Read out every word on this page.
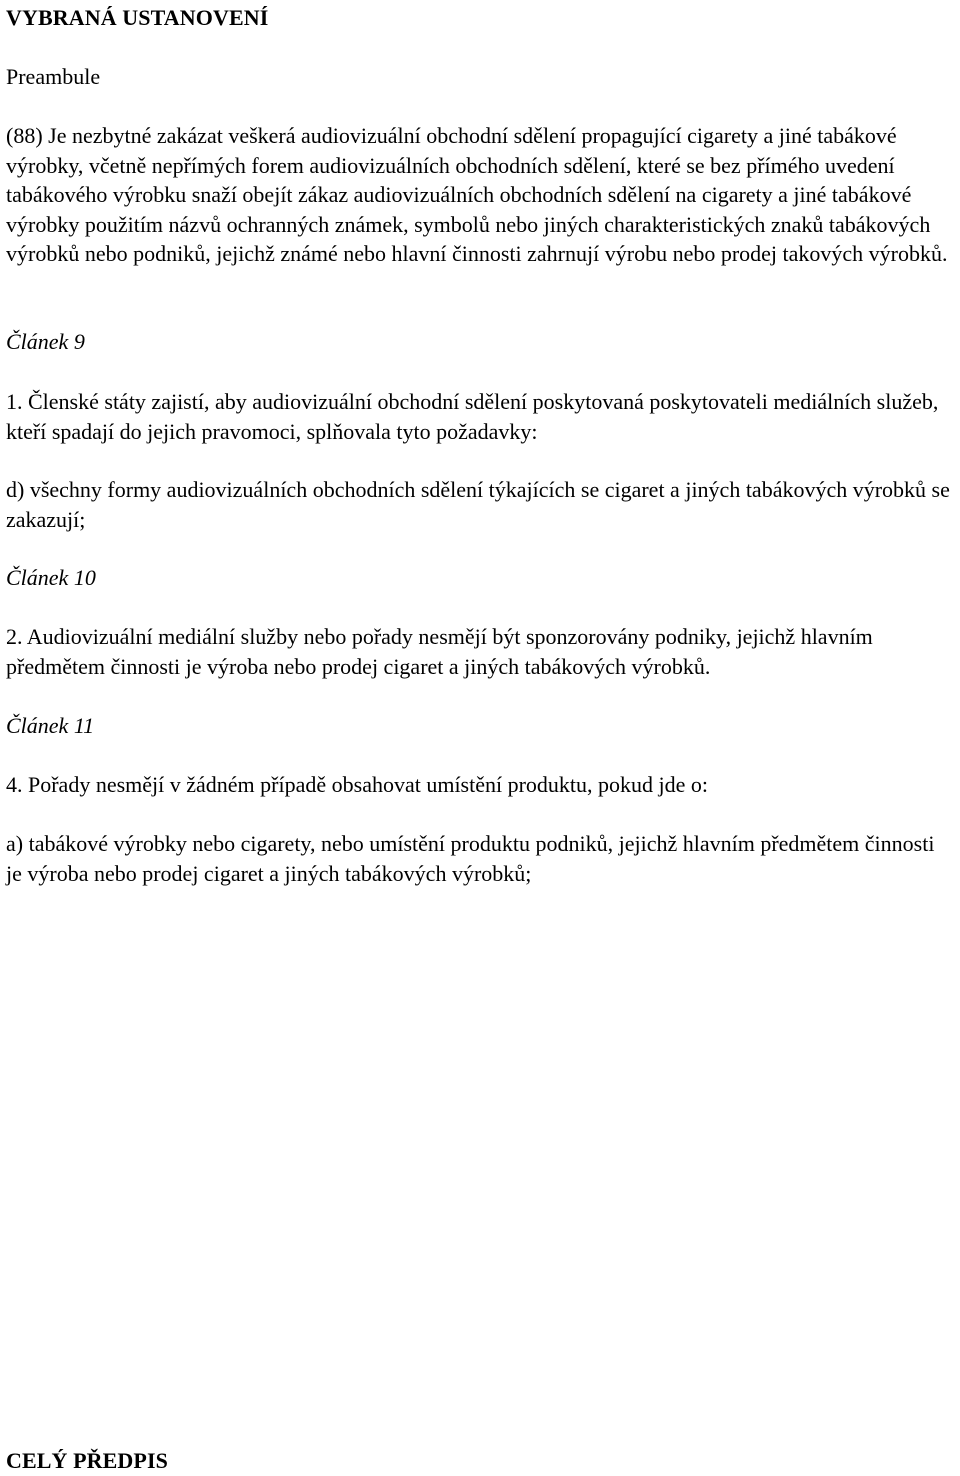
VYBRANÁ USTANOVENÍ

Preambule

(88) Je nezbytné zakázat veškerá audiovizuální obchodní sdělení propagující cigarety a jiné tabákové výrobky, včetně nepřímých forem audiovizuálních obchodních sdělení, které se bez přímého uvedení tabákového výrobku snaží obejít zákaz audiovizuálních obchodních sdělení na cigarety a jiné tabákové výrobky použitím názvů ochranných známek, symbolů nebo jiných charakteristických znaků tabákových výrobků nebo podniků, jejichž známé nebo hlavní činnosti zahrnují výrobu nebo prodej takových výrobků.

Článek 9

1. Členské státy zajistí, aby audiovizuální obchodní sdělení poskytovaná poskytovateli mediálních služeb, kteří spadají do jejich pravomoci, splňovala tyto požadavky:

d) všechny formy audiovizuálních obchodních sdělení týkajících se cigaret a jiných tabákových výrobků se zakazují;

Článek 10

2. Audiovizuální mediální služby nebo pořady nesmějí být sponzorovány podniky, jejichž hlavním předmětem činnosti je výroba nebo prodej cigaret a jiných tabákových výrobků.

Článek 11

4. Pořady nesmějí v žádném případě obsahovat umístění produktu, pokud jde o:

a) tabákové výrobky nebo cigarety, nebo umístění produktu podniků, jejichž hlavním předmětem činnosti je výroba nebo prodej cigaret a jiných tabákových výrobků;

CELÝ PŘEDPIS
